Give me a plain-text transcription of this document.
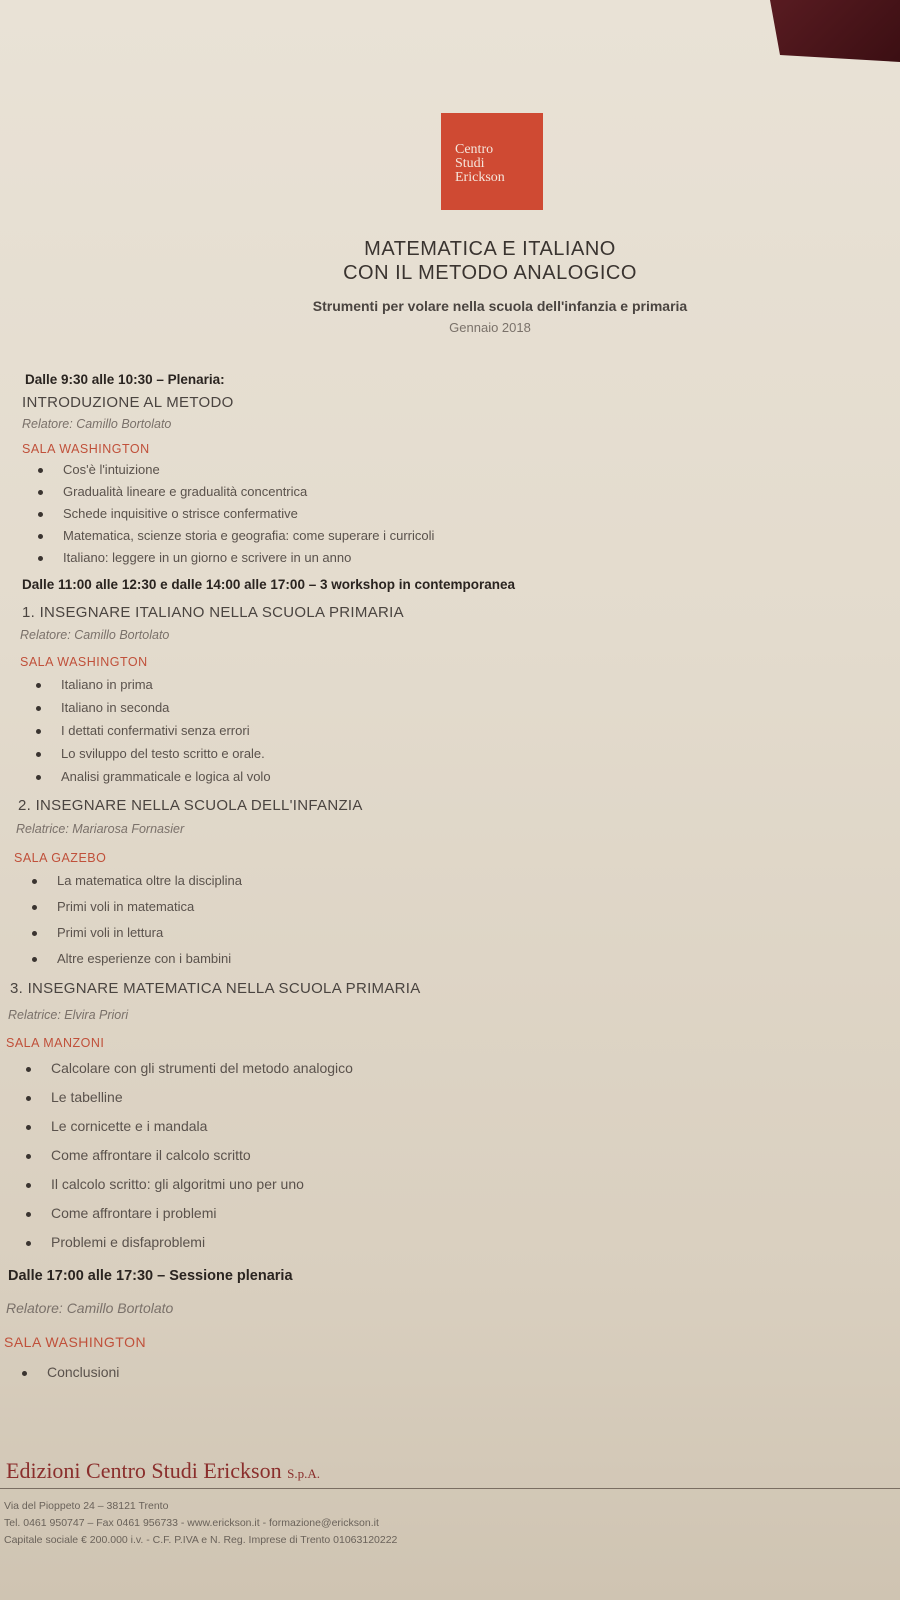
Centro
Studi
Erickson
MATEMATICA E ITALIANO
CON IL METODO ANALOGICO
Strumenti per volare nella scuola dell'infanzia e primaria
Gennaio 2018
Dalle 9:30 alle 10:30 – Plenaria:
INTRODUZIONE AL METODO
Relatore: Camillo Bortolato
SALA WASHINGTON
Cos'è l'intuizione
Gradualità lineare e gradualità concentrica
Schede inquisitive o strisce confermative
Matematica, scienze storia e geografia: come superare i curricoli
Italiano: leggere in un giorno e scrivere in un anno
Dalle 11:00 alle 12:30 e dalle 14:00 alle 17:00 – 3 workshop in contemporanea
1. INSEGNARE ITALIANO NELLA SCUOLA PRIMARIA
Relatore: Camillo Bortolato
SALA WASHINGTON
Italiano in prima
Italiano in seconda
I dettati confermativi senza errori
Lo sviluppo del testo scritto e orale.
Analisi grammaticale e logica al volo
2. INSEGNARE NELLA SCUOLA DELL'INFANZIA
Relatrice: Mariarosa Fornasier
SALA GAZEBO
La matematica oltre la disciplina
Primi voli in matematica
Primi voli in lettura
Altre esperienze con i bambini
3. INSEGNARE MATEMATICA NELLA SCUOLA PRIMARIA
Relatrice: Elvira Priori
SALA MANZONI
Calcolare con gli strumenti del metodo analogico
Le tabelline
Le cornicette e i mandala
Come affrontare il calcolo scritto
Il calcolo scritto: gli algoritmi uno per uno
Come affrontare i problemi
Problemi e disfaproblemi
Dalle 17:00 alle 17:30 – Sessione plenaria
Relatore: Camillo Bortolato
SALA WASHINGTON
Conclusioni
Edizioni Centro Studi Erickson S.p.A.
Via del Pioppeto 24 – 38121 Trento
Tel. 0461 950747 – Fax 0461 956733 - www.erickson.it - formazione@erickson.it
Capitale sociale € 200.000 i.v. - C.F. P.IVA e N. Reg. Imprese di Trento 01063120222
